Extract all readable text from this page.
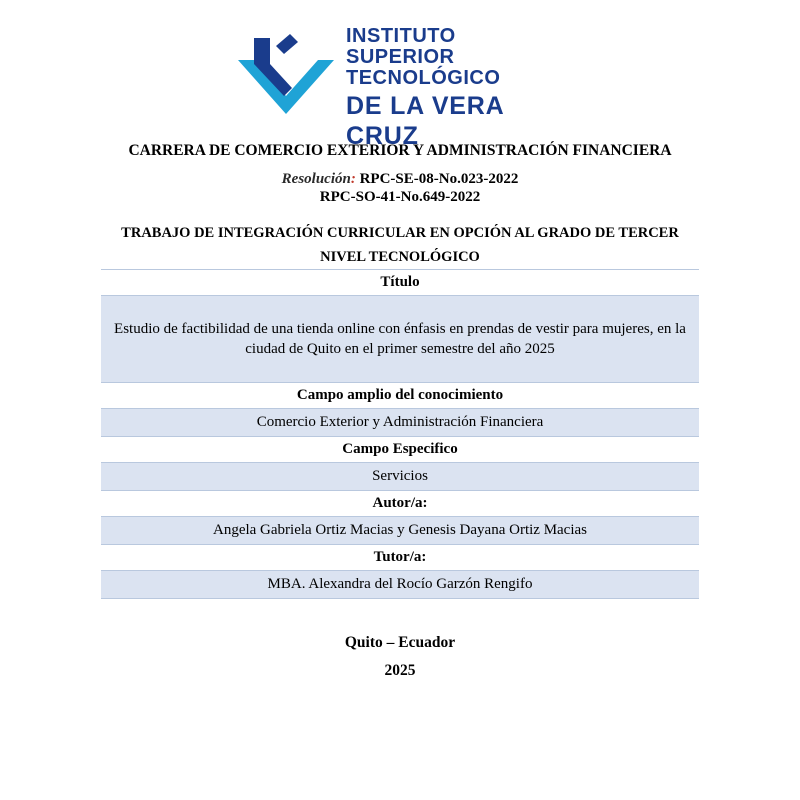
INSTITUTO
SUPERIOR
TECNOLÓGICO
DE LA VERA CRUZ
CARRERA DE COMERCIO EXTERIOR Y ADMINISTRACIÓN FINANCIERA
Resolución: RPC-SE-08-No.023-2022
RPC-SO-41-No.649-2022
TRABAJO DE INTEGRACIÓN CURRICULAR EN OPCIÓN AL GRADO DE TERCER
NIVEL TECNOLÓGICO
Título
Estudio de factibilidad de una tienda online con énfasis en prendas de vestir para mujeres, en la ciudad de Quito en el primer semestre del año 2025
Campo amplio del conocimiento
Comercio Exterior y Administración Financiera
Campo Especifico
Servicios
Autor/a:
Angela Gabriela Ortiz Macias y Genesis Dayana Ortiz Macias
Tutor/a:
MBA. Alexandra del Rocío Garzón Rengifo
Quito – Ecuador
2025
